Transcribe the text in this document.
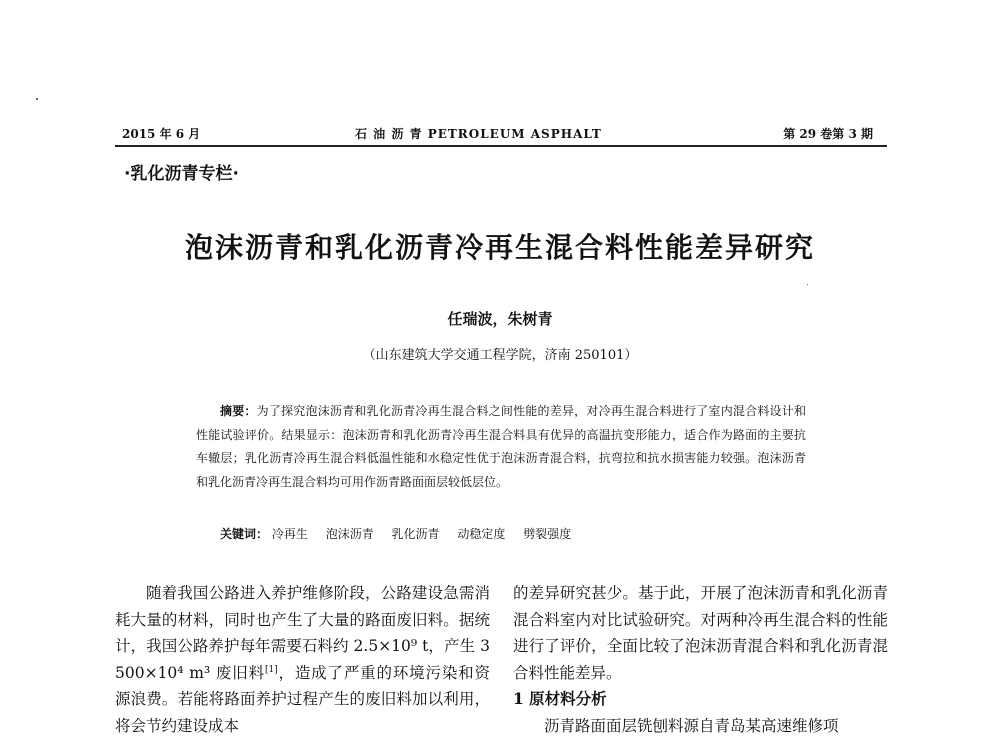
2015 年 6 月	石 油 沥 青 PETROLEUM ASPHALT	第 29 卷第 3 期
·乳化沥青专栏·
泡沫沥青和乳化沥青冷再生混合料性能差异研究
任瑞波，朱树青
（山东建筑大学交通工程学院，济南 250101）

摘要：为了探究泡沫沥青和乳化沥青冷再生混合料之间性能的差异，对冷再生混合料进行了室内混合料设计和性能试验评价。结果显示：泡沫沥青和乳化沥青冷再生混合料具有优异的高温抗变形能力，适合作为路面的主要抗车辙层；乳化沥青冷再生混合料低温性能和水稳定性优于泡沫沥青混合料，抗弯拉和抗水损害能力较强。泡沫沥青和乳化沥青冷再生混合料均可用作沥青路面面层较低层位。

关键词： 冷再生 泡沫沥青 乳化沥青 动稳定度 劈裂强度

随着我国公路进入养护维修阶段，公路建设急需消耗大量的材料，同时也产生了大量的路面废旧料。据统计，我国公路养护每年需要石料约 2.5×10⁹ t，产生 3 500×10⁴ m³ 废旧料[1]，造成了严重的环境污染和资源浪费。若能将路面养护过程产生的废旧料加以利用，将会节约建设成本

的差异研究甚少。基于此，开展了泡沫沥青和乳化沥青混合料室内对比试验研究。对两种冷再生混合料的性能进行了评价，全面比较了泡沫沥青混合料和乳化沥青混合料性能差异。

1 原材料分析

沥青路面面层铣刨料源自青岛某高速维修项
